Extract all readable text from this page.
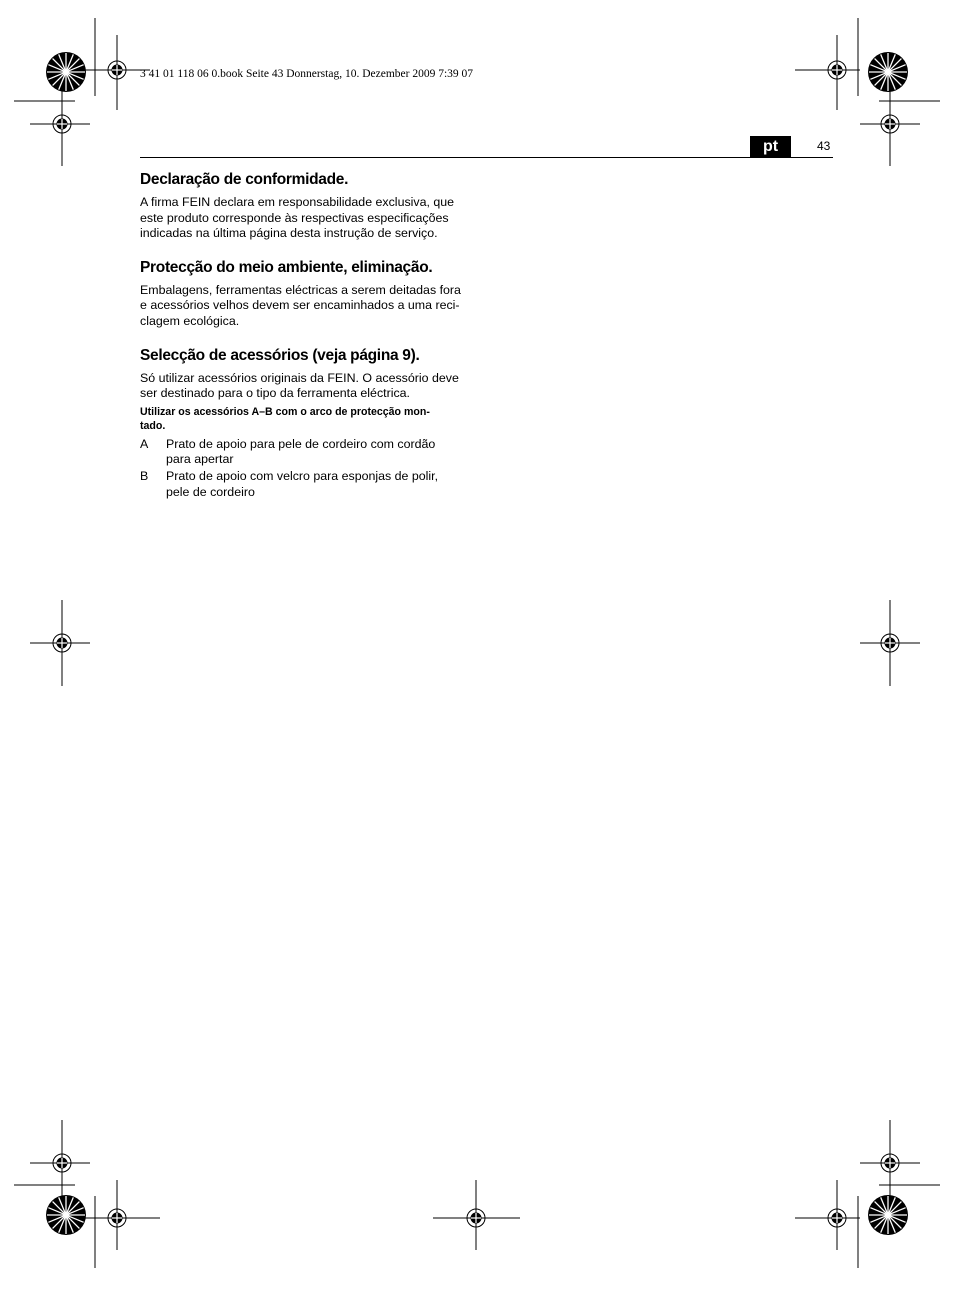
3 41 01 118 06 0.book Seite 43 Donnerstag, 10. Dezember 2009 7:39 07
pt	43
Declaração de conformidade.

A firma FEIN declara em responsabilidade exclusiva, que
este produto corresponde às respectivas especificações
indicadas na última página desta instrução de serviço.

Protecção do meio ambiente, eliminação.

Embalagens, ferramentas eléctricas a serem deitadas fora
e acessórios velhos devem ser encaminhados a uma reci-
clagem ecológica.

Selecção de acessórios (veja página 9).

Só utilizar acessórios originais da FEIN. O acessório deve
ser destinado para o tipo da ferramenta eléctrica.

Utilizar os acessórios A–B com o arco de protecção mon-
tado.

A	Prato de apoio para pele de cordeiro com cordão
para apertar
B	Prato de apoio com velcro para esponjas de polir,
pele de cordeiro
